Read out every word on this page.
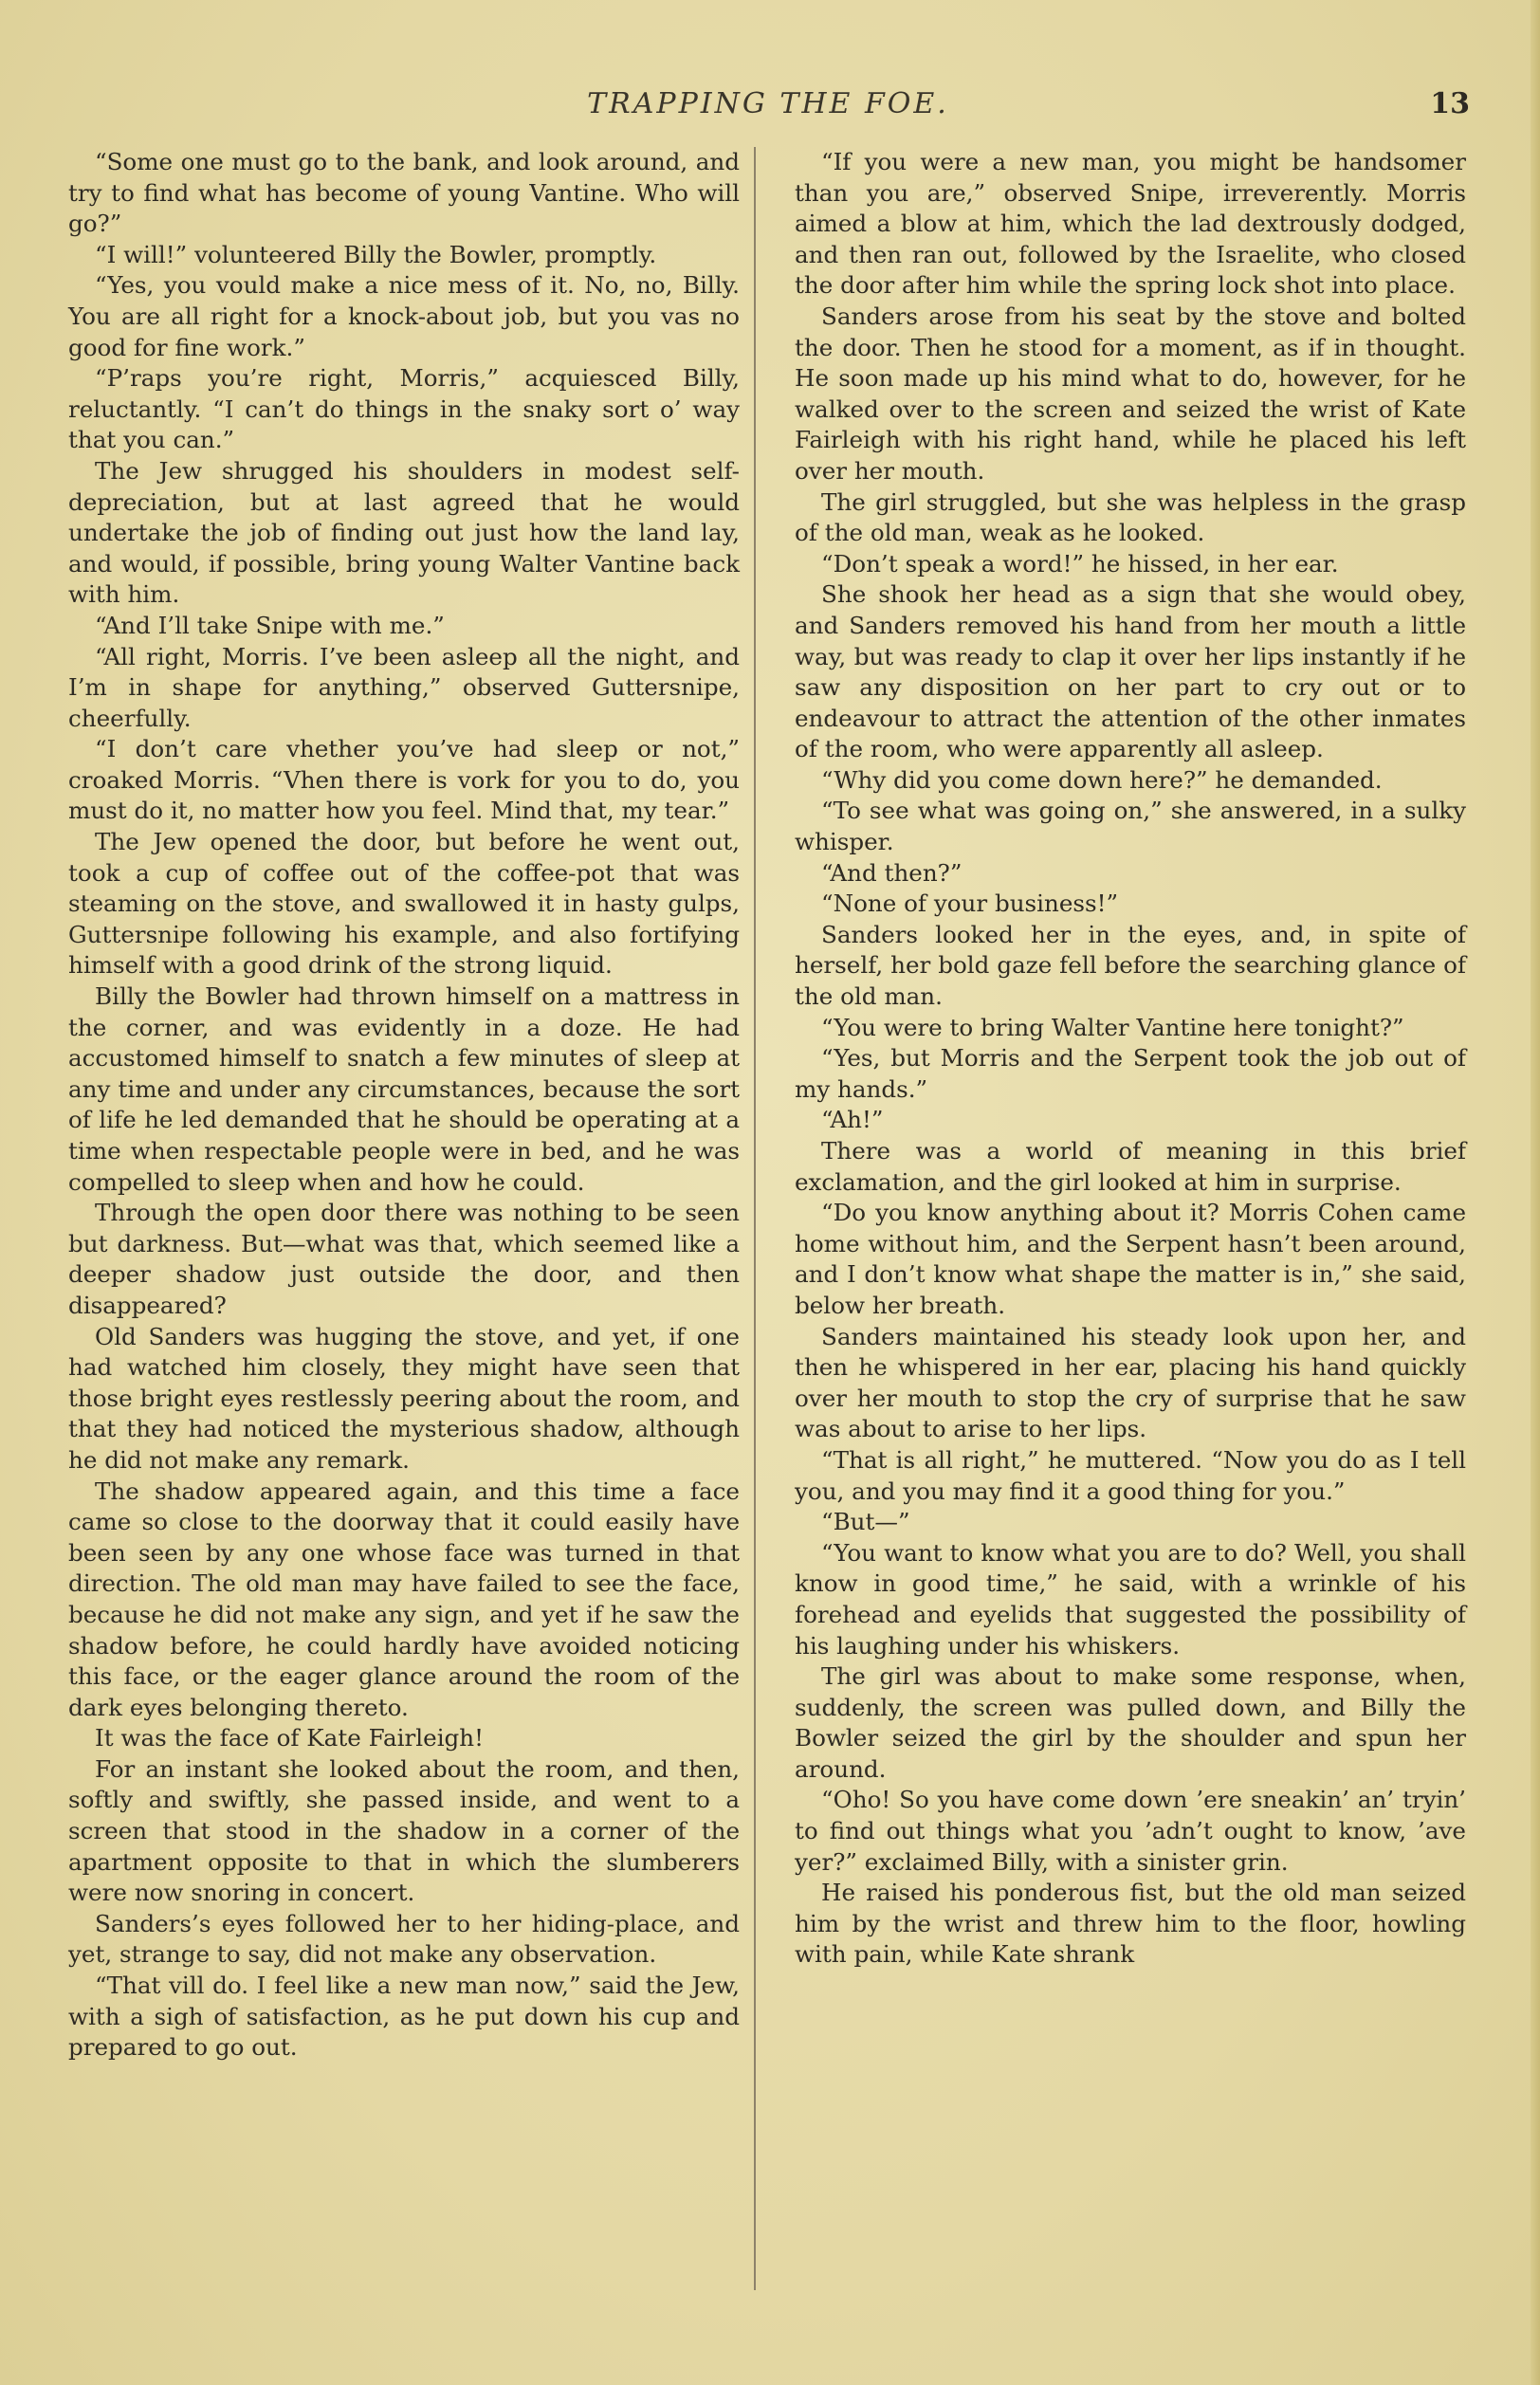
TRAPPING THE FOE.	13

“Some one must go to the bank, and look around, and try to find what has become of young Vantine. Who will go?”

“I will!” volunteered Billy the Bowler, promptly.

“Yes, you vould make a nice mess of it. No, no, Billy. You are all right for a knock-about job, but you vas no good for fine work.”

“P’raps you’re right, Morris,” acquiesced Billy, reluctantly. “I can’t do things in the snaky sort o’ way that you can.”

The Jew shrugged his shoulders in modest self-depreciation, but at last agreed that he would undertake the job of finding out just how the land lay, and would, if possible, bring young Walter Vantine back with him.

“And I’ll take Snipe with me.”

“All right, Morris. I’ve been asleep all the night, and I’m in shape for anything,” observed Guttersnipe, cheerfully.

“I don’t care vhether you’ve had sleep or not,” croaked Morris. “Vhen there is vork for you to do, you must do it, no matter how you feel. Mind that, my tear.”

The Jew opened the door, but before he went out, took a cup of coffee out of the coffee-pot that was steaming on the stove, and swallowed it in hasty gulps, Guttersnipe following his example, and also fortifying himself with a good drink of the strong liquid.

Billy the Bowler had thrown himself on a mattress in the corner, and was evidently in a doze. He had accustomed himself to snatch a few minutes of sleep at any time and under any circumstances, because the sort of life he led demanded that he should be operating at a time when respectable people were in bed, and he was compelled to sleep when and how he could.

Through the open door there was nothing to be seen but darkness. But—what was that, which seemed like a deeper shadow just outside the door, and then disappeared?

Old Sanders was hugging the stove, and yet, if one had watched him closely, they might have seen that those bright eyes restlessly peering about the room, and that they had noticed the mysterious shadow, although he did not make any remark.

The shadow appeared again, and this time a face came so close to the doorway that it could easily have been seen by any one whose face was turned in that direction. The old man may have failed to see the face, because he did not make any sign, and yet if he saw the shadow before, he could hardly have avoided noticing this face, or the eager glance around the room of the dark eyes belonging thereto.

It was the face of Kate Fairleigh!

For an instant she looked about the room, and then, softly and swiftly, she passed inside, and went to a screen that stood in the shadow in a corner of the apartment opposite to that in which the slumberers were now snoring in concert.

Sanders’s eyes followed her to her hiding-place, and yet, strange to say, did not make any observation.

“That vill do. I feel like a new man now,” said the Jew, with a sigh of satisfaction, as he put down his cup and prepared to go out.

“If you were a new man, you might be handsomer than you are,” observed Snipe, irreverently. Morris aimed a blow at him, which the lad dextrously dodged, and then ran out, followed by the Israelite, who closed the door after him while the spring lock shot into place.

Sanders arose from his seat by the stove and bolted the door. Then he stood for a moment, as if in thought. He soon made up his mind what to do, however, for he walked over to the screen and seized the wrist of Kate Fairleigh with his right hand, while he placed his left over her mouth.

The girl struggled, but she was helpless in the grasp of the old man, weak as he looked.

“Don’t speak a word!” he hissed, in her ear.

She shook her head as a sign that she would obey, and Sanders removed his hand from her mouth a little way, but was ready to clap it over her lips instantly if he saw any disposition on her part to cry out or to endeavour to attract the attention of the other inmates of the room, who were apparently all asleep.

“Why did you come down here?” he demanded.

“To see what was going on,” she answered, in a sulky whisper.

“And then?”

“None of your business!”

Sanders looked her in the eyes, and, in spite of herself, her bold gaze fell before the searching glance of the old man.

“You were to bring Walter Vantine here tonight?”

“Yes, but Morris and the Serpent took the job out of my hands.”

“Ah!”

There was a world of meaning in this brief exclamation, and the girl looked at him in surprise.

“Do you know anything about it? Morris Cohen came home without him, and the Serpent hasn’t been around, and I don’t know what shape the matter is in,” she said, below her breath.

Sanders maintained his steady look upon her, and then he whispered in her ear, placing his hand quickly over her mouth to stop the cry of surprise that he saw was about to arise to her lips.

“That is all right,” he muttered. “Now you do as I tell you, and you may find it a good thing for you.”

“But—”

“You want to know what you are to do? Well, you shall know in good time,” he said, with a wrinkle of his forehead and eyelids that suggested the possibility of his laughing under his whiskers.

The girl was about to make some response, when, suddenly, the screen was pulled down, and Billy the Bowler seized the girl by the shoulder and spun her around.

“Oho! So you have come down ’ere sneakin’ an’ tryin’ to find out things what you ’adn’t ought to know, ’ave yer?” exclaimed Billy, with a sinister grin.

He raised his ponderous fist, but the old man seized him by the wrist and threw him to the floor, howling with pain, while Kate shrank
